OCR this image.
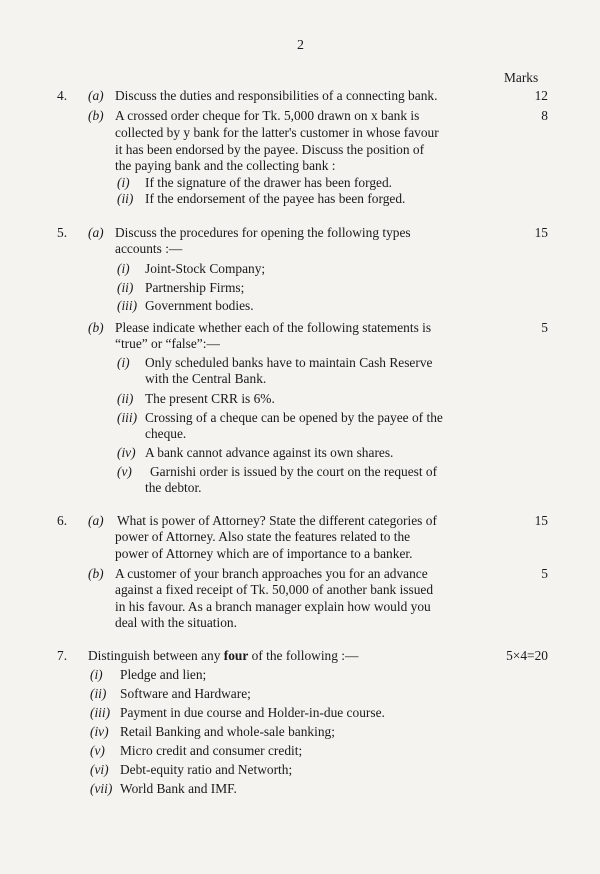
2
Marks
4. (a) Discuss the duties and responsibilities of a connecting bank.	12
(b) A crossed order cheque for Tk. 5,000 drawn on x bank is	8
collected by y bank for the latter's customer in whose favour
it has been endorsed by the payee. Discuss the position of
the paying bank and the collecting bank :
(i) If the signature of the drawer has been forged.
(ii) If the endorsement of the payee has been forged.
5. (a) Discuss the procedures for opening the following types	15
accounts :—
(i) Joint-Stock Company;
(ii) Partnership Firms;
(iii) Government bodies.
(b) Please indicate whether each of the following statements is	5
“true” or “false”:—
(i) Only scheduled banks have to maintain Cash Reserve
with the Central Bank.
(ii) The present CRR is 6%.
(iii) Crossing of a cheque can be opened by the payee of the
cheque.
(iv) A bank cannot advance against its own shares.
(v) Garnishi order is issued by the court on the request of
the debtor.
6. (a) What is power of Attorney? State the different categories of	15
power of Attorney. Also state the features related to the
power of Attorney which are of importance to a banker.
(b) A customer of your branch approaches you for an advance	5
against a fixed receipt of Tk. 50,000 of another bank issued
in his favour. As a branch manager explain how would you
deal with the situation.
7. Distinguish between any four of the following :—	5×4=20
(i) Pledge and lien;
(ii) Software and Hardware;
(iii) Payment in due course and Holder-in-due course.
(iv) Retail Banking and whole-sale banking;
(v) Micro credit and consumer credit;
(vi) Debt-equity ratio and Networth;
(vii) World Bank and IMF.
